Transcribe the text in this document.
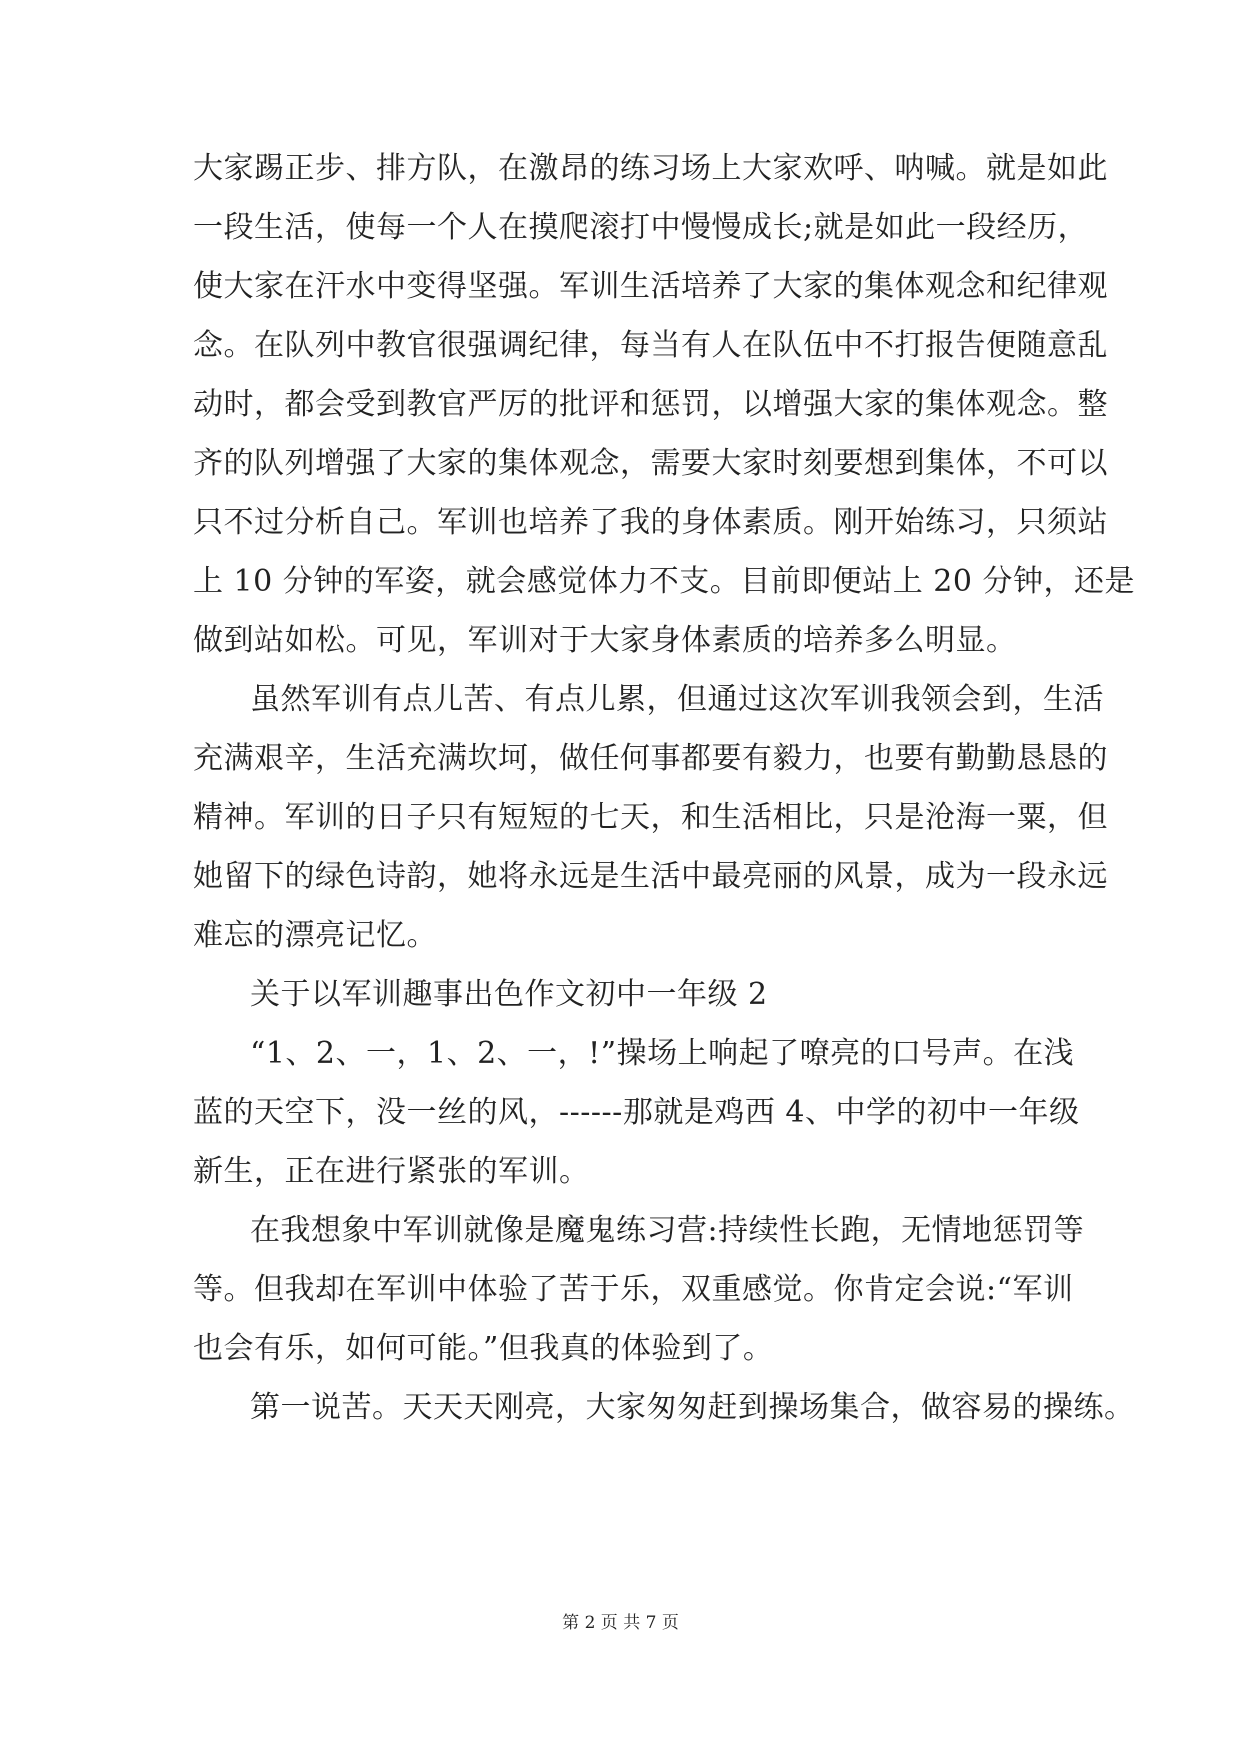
大家踢正步、排方队，在激昂的练习场上大家欢呼、呐喊。就是如此
一段生活，使每一个人在摸爬滚打中慢慢成长;就是如此一段经历，
使大家在汗水中变得坚强。军训生活培养了大家的集体观念和纪律观
念。在队列中教官很强调纪律，每当有人在队伍中不打报告便随意乱
动时，都会受到教官严厉的批评和惩罚，以增强大家的集体观念。整
齐的队列增强了大家的集体观念，需要大家时刻要想到集体，不可以
只不过分析自己。军训也培养了我的身体素质。刚开始练习，只须站
上 10 分钟的军姿，就会感觉体力不支。目前即便站上 20 分钟，还是
做到站如松。可见，军训对于大家身体素质的培养多么明显。
虽然军训有点儿苦、有点儿累，但通过这次军训我领会到，生活
充满艰辛，生活充满坎坷，做任何事都要有毅力，也要有勤勤恳恳的
精神。军训的日子只有短短的七天，和生活相比，只是沧海一粟，但
她留下的绿色诗韵，她将永远是生活中最亮丽的风景，成为一段永远
难忘的漂亮记忆。
关于以军训趣事出色作文初中一年级 2
“1、2、一，1、2、一，!”操场上响起了嘹亮的口号声。在浅
蓝的天空下，没一丝的风，------那就是鸡西 4、中学的初中一年级
新生，正在进行紧张的军训。
在我想象中军训就像是魔鬼练习营:持续性长跑，无情地惩罚等
等。但我却在军训中体验了苦于乐，双重感觉。你肯定会说:“军训
也会有乐，如何可能。”但我真的体验到了。
第一说苦。天天天刚亮，大家匆匆赶到操场集合，做容易的操练。
第 2 页 共 7 页
